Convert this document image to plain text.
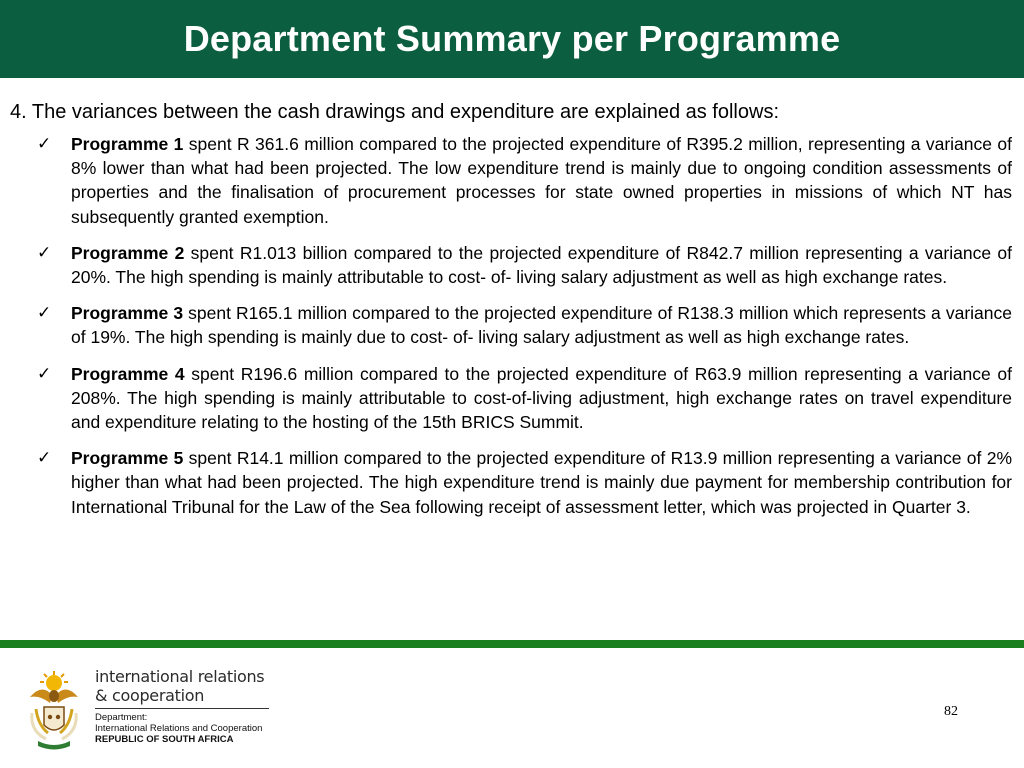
Department Summary per Programme
4. The variances between the cash drawings and expenditure are explained as follows:
✓ Programme 1 spent R 361.6 million compared to the projected expenditure of R395.2 million, representing a variance of 8% lower than what had been projected. The low expenditure trend is mainly due to ongoing condition assessments of properties and the finalisation of procurement processes for state owned properties in missions of which NT has subsequently granted exemption.
✓ Programme 2 spent R1.013 billion compared to the projected expenditure of R842.7 million representing a variance of 20%. The high spending is mainly attributable to cost- of- living salary adjustment as well as high exchange rates.
✓ Programme 3 spent R165.1 million compared to the projected expenditure of R138.3 million which represents a variance of 19%. The high spending is mainly due to cost- of- living salary adjustment as well as high exchange rates.
✓ Programme 4 spent R196.6 million compared to the projected expenditure of R63.9 million representing a variance of 208%. The high spending is mainly attributable to cost-of-living adjustment, high exchange rates on travel expenditure and expenditure relating to the hosting of the 15th BRICS Summit.
✓ Programme 5 spent R14.1 million compared to the projected expenditure of R13.9 million representing a variance of 2% higher than what had been projected. The high expenditure trend is mainly due payment for membership contribution for International Tribunal for the Law of the Sea following receipt of assessment letter, which was projected in Quarter 3.
international relations
& cooperation
Department:
International Relations and Cooperation
REPUBLIC OF SOUTH AFRICA
82
